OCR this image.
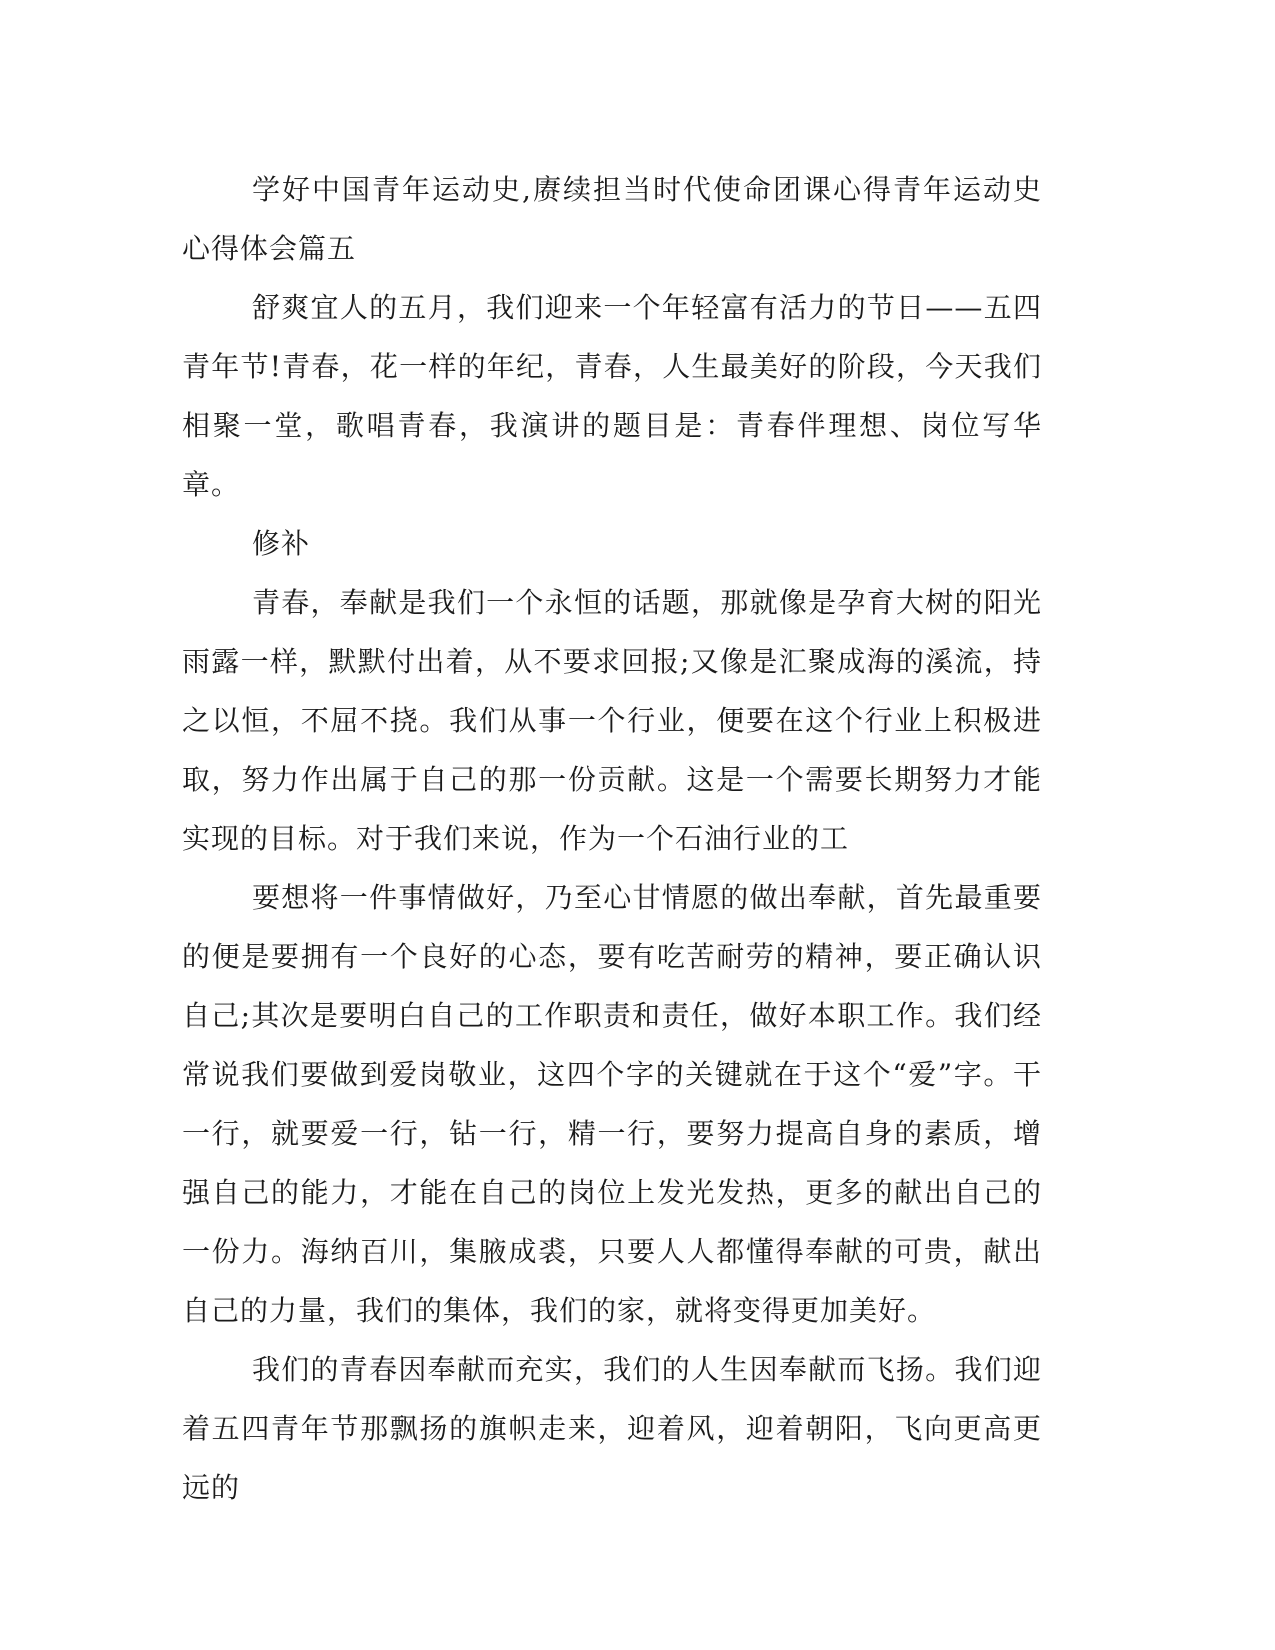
学好中国青年运动史,赓续担当时代使命团课心得青年运动史心得体会篇五

舒爽宜人的五月，我们迎来一个年轻富有活力的节日——五四青年节!青春，花一样的年纪，青春，人生最美好的阶段，今天我们相聚一堂，歌唱青春，我演讲的题目是：青春伴理想、岗位写华章。

修补

青春，奉献是我们一个永恒的话题，那就像是孕育大树的阳光雨露一样，默默付出着，从不要求回报;又像是汇聚成海的溪流，持之以恒，不屈不挠。我们从事一个行业，便要在这个行业上积极进取，努力作出属于自己的那一份贡献。这是一个需要长期努力才能实现的目标。对于我们来说，作为一个石油行业的工

要想将一件事情做好，乃至心甘情愿的做出奉献，首先最重要的便是要拥有一个良好的心态，要有吃苦耐劳的精神，要正确认识自己;其次是要明白自己的工作职责和责任，做好本职工作。我们经常说我们要做到爱岗敬业，这四个字的关键就在于这个“爱”字。干一行，就要爱一行，钻一行，精一行，要努力提高自身的素质，增强自己的能力，才能在自己的岗位上发光发热，更多的献出自己的一份力。海纳百川，集腋成裘，只要人人都懂得奉献的可贵，献出自己的力量，我们的集体，我们的家，就将变得更加美好。

我们的青春因奉献而充实，我们的人生因奉献而飞扬。我们迎着五四青年节那飘扬的旗帜走来，迎着风，迎着朝阳，飞向更高更远的
